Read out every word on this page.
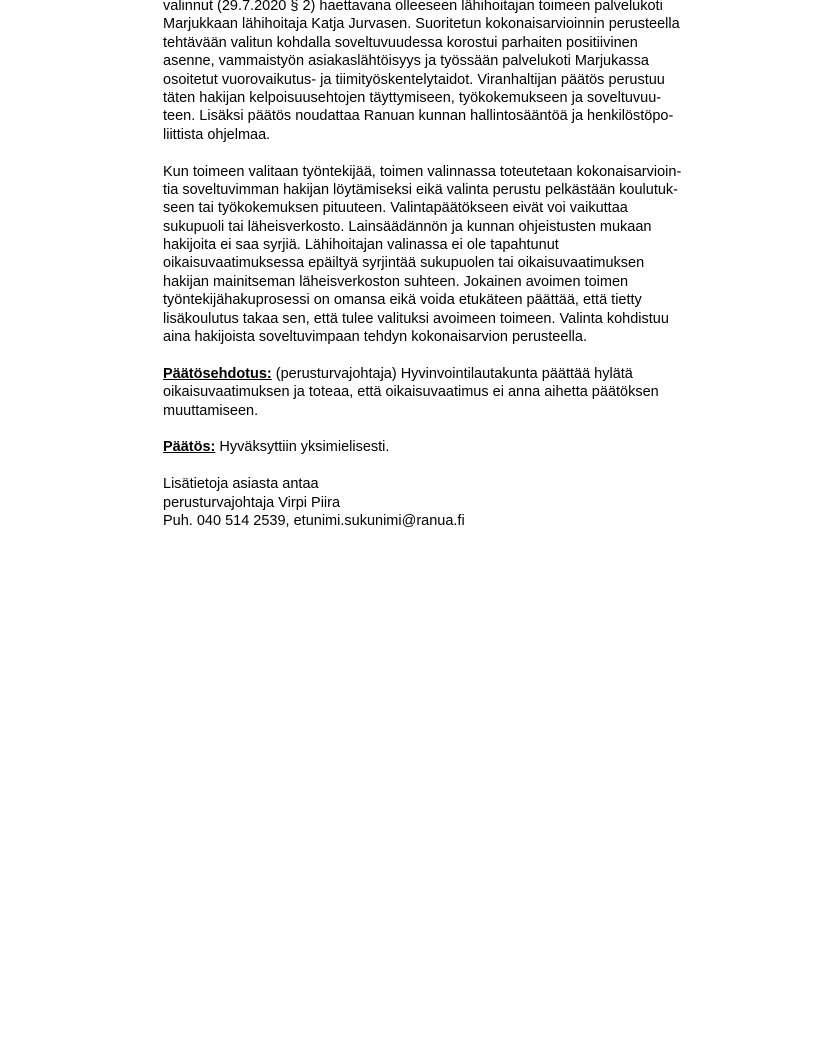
valinnut (29.7.2020 § 2) haettavana olleeseen lähihoitajan toimeen palvelukoti
Marjukkaan lähihoitaja Katja Jurvasen. Suoritetun kokonaisarvioinnin perusteella
tehtävään valitun kohdalla soveltuvuudessa korostui parhaiten positiivinen
asenne, vammaistyön asiakaslähtöisyys ja työssään palvelukoti Marjukassa
osoitetut vuorovaikutus- ja tiimityöskentelytaidot. Viranhaltijan päätös perustuu
täten hakijan kelpoisuusehtojen täyttymiseen, työkokemukseen ja soveltuvuu-
teen. Lisäksi päätös noudattaa Ranuan kunnan hallintosääntöä ja henkilöstöpo-
liittista ohjelmaa.
Kun toimeen valitaan työntekijää, toimen valinnassa toteutetaan kokonaisarvioin-
tia soveltuvimman hakijan löytämiseksi eikä valinta perustu pelkästään koulutuk-
seen tai työkokemuksen pituuteen. Valintapäätökseen eivät voi vaikuttaa
sukupuoli tai läheisverkosto. Lainsäädännön ja kunnan ohjeistusten mukaan
hakijoita ei saa syrjiä. Lähihoitajan valinassa ei ole tapahtunut
oikaisuvaatimuksessa epäiltyä syrjintää sukupuolen tai oikaisuvaatimuksen
hakijan mainitseman läheisverkoston suhteen. Jokainen avoimen toimen
työntekijähakuprosessi on omansa eikä voida etukäteen päättää, että tietty
lisäkoulutus takaa sen, että tulee valituksi avoimeen toimeen. Valinta kohdistuu
aina hakijoista soveltuvimpaan tehdyn kokonaisarvion perusteella.
Päätösehdotus: (perusturvajohtaja) Hyvinvointilautakunta päättää hylätä
oikaisuvaatimuksen ja toteaa, että oikaisuvaatimus ei anna aihetta päätöksen
muuttamiseen.
Päätös: Hyväksyttiin yksimielisesti.
Lisätietoja asiasta antaa
perusturvajohtaja Virpi Piira
Puh. 040 514 2539, etunimi.sukunimi@ranua.fi
